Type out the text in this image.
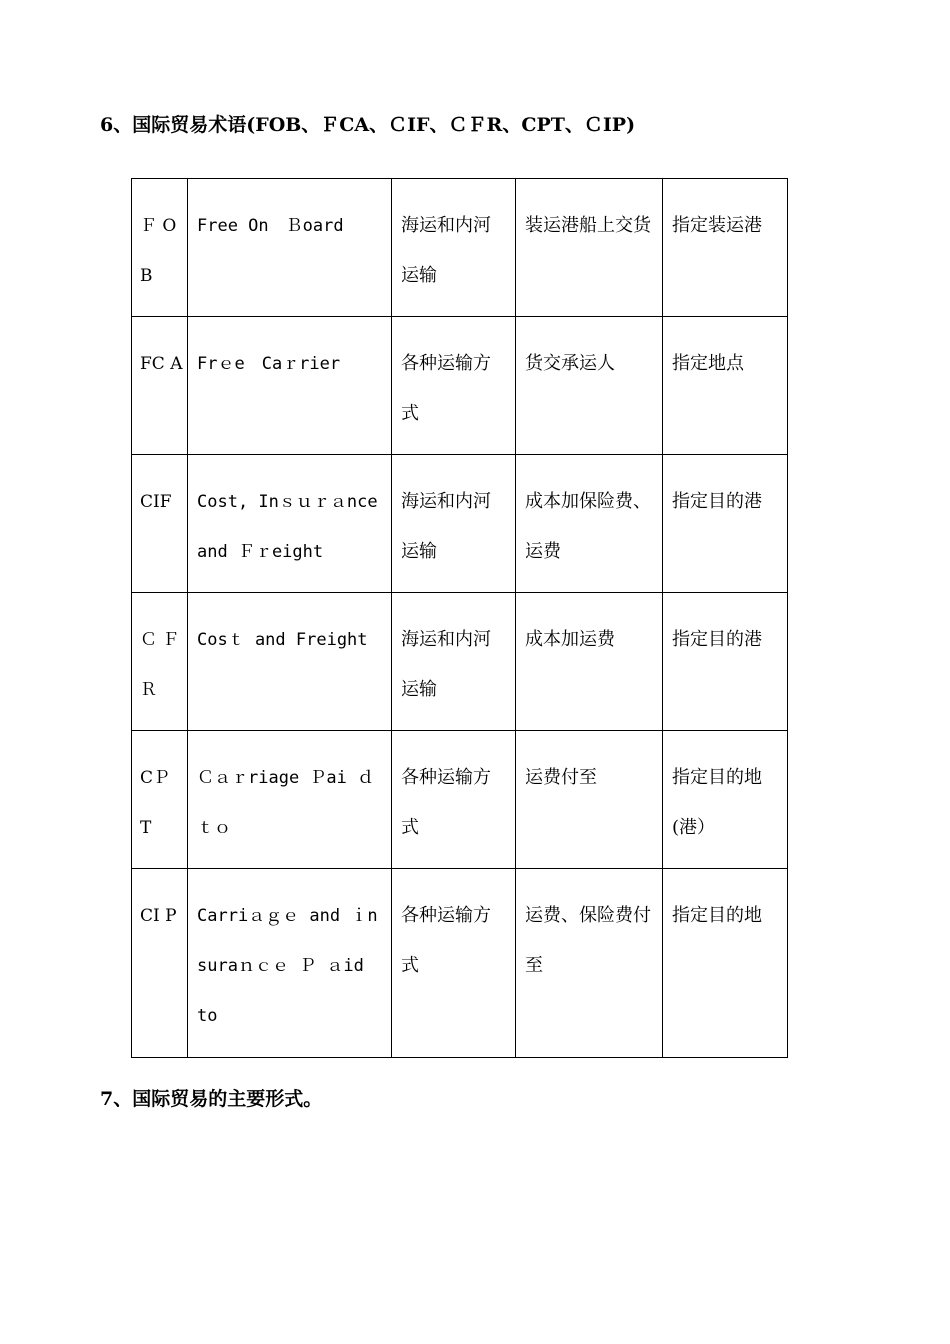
6、国际贸易术语(FOB、ＦCA、ＣIF、ＣＦR、CPT、ＣIP)
Ｆ OB	Free On　Ｂoard	海运和内河运输	装运港船上交货	指定装运港
FC A	Frｅe　Caｒrier	各种运输方式	货交承运人	指定地点
CIF	Cost, Inｓｕｒａnce and Ｆｒeight	海运和内河运输	成本加保险费、运费	指定目的港
Ｃ ＦＲ	Cosｔ and Freight	海运和内河运输	成本加运费	指定目的港
CＰ T	Ｃａｒriage Ｐai ｄ ｔｏ	各种运输方式	运费付至	指定目的地(港）
CI P	Carriａｇｅ and ｉnsuraｎｃｅ Ｐ ａid to	各种运输方式	运费、保险费付至	指定目的地
7、国际贸易的主要形式。
